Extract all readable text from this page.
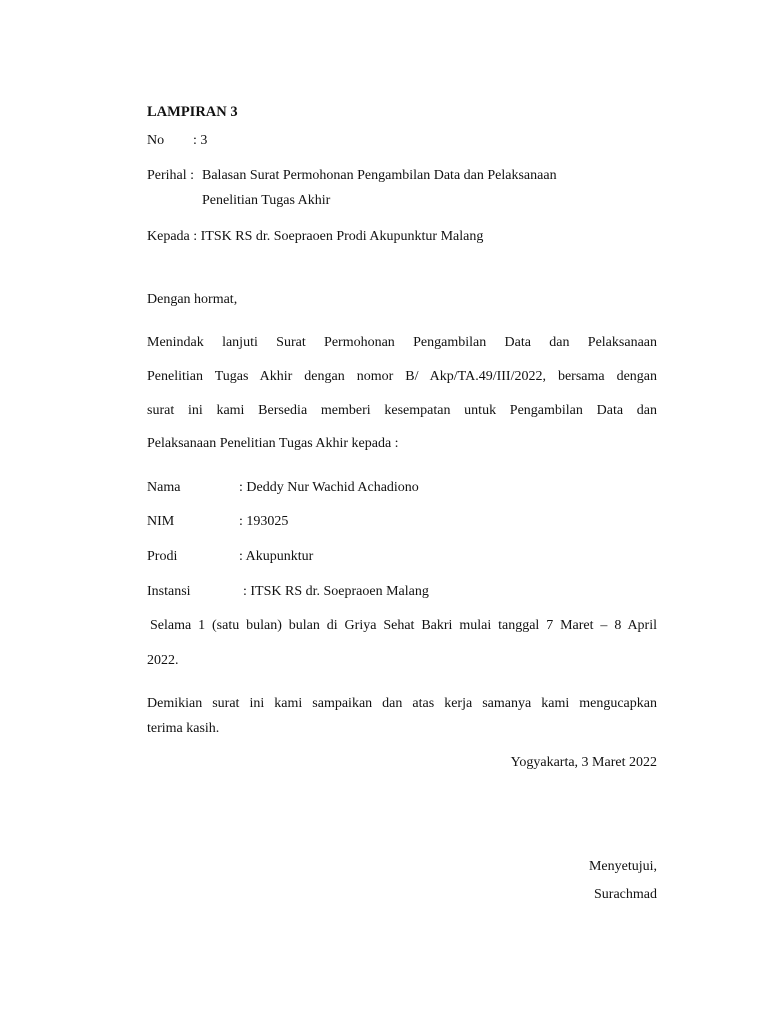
LAMPIRAN 3
No : 3
Perihal : Balasan Surat Permohonan Pengambilan Data dan Pelaksanaan
Penelitian Tugas Akhir
Kepada : ITSK RS dr. Soepraoen Prodi Akupunktur Malang
Dengan hormat,
Menindak lanjuti Surat Permohonan Pengambilan Data dan Pelaksanaan
Penelitian Tugas Akhir dengan nomor B/ Akp/TA.49/III/2022, bersama dengan
surat ini kami Bersedia memberi kesempatan untuk Pengambilan Data dan
Pelaksanaan Penelitian Tugas Akhir kepada :
Nama	: Deddy Nur Wachid Achadiono
NIM	: 193025
Prodi	: Akupunktur
Instansi	: ITSK RS dr. Soepraoen Malang
Selama 1 (satu bulan) bulan di Griya Sehat Bakri mulai tanggal 7 Maret – 8 April
2022.
Demikian surat ini kami sampaikan dan atas kerja samanya kami mengucapkan
terima kasih.
Yogyakarta, 3 Maret 2022
Menyetujui,
Surachmad
